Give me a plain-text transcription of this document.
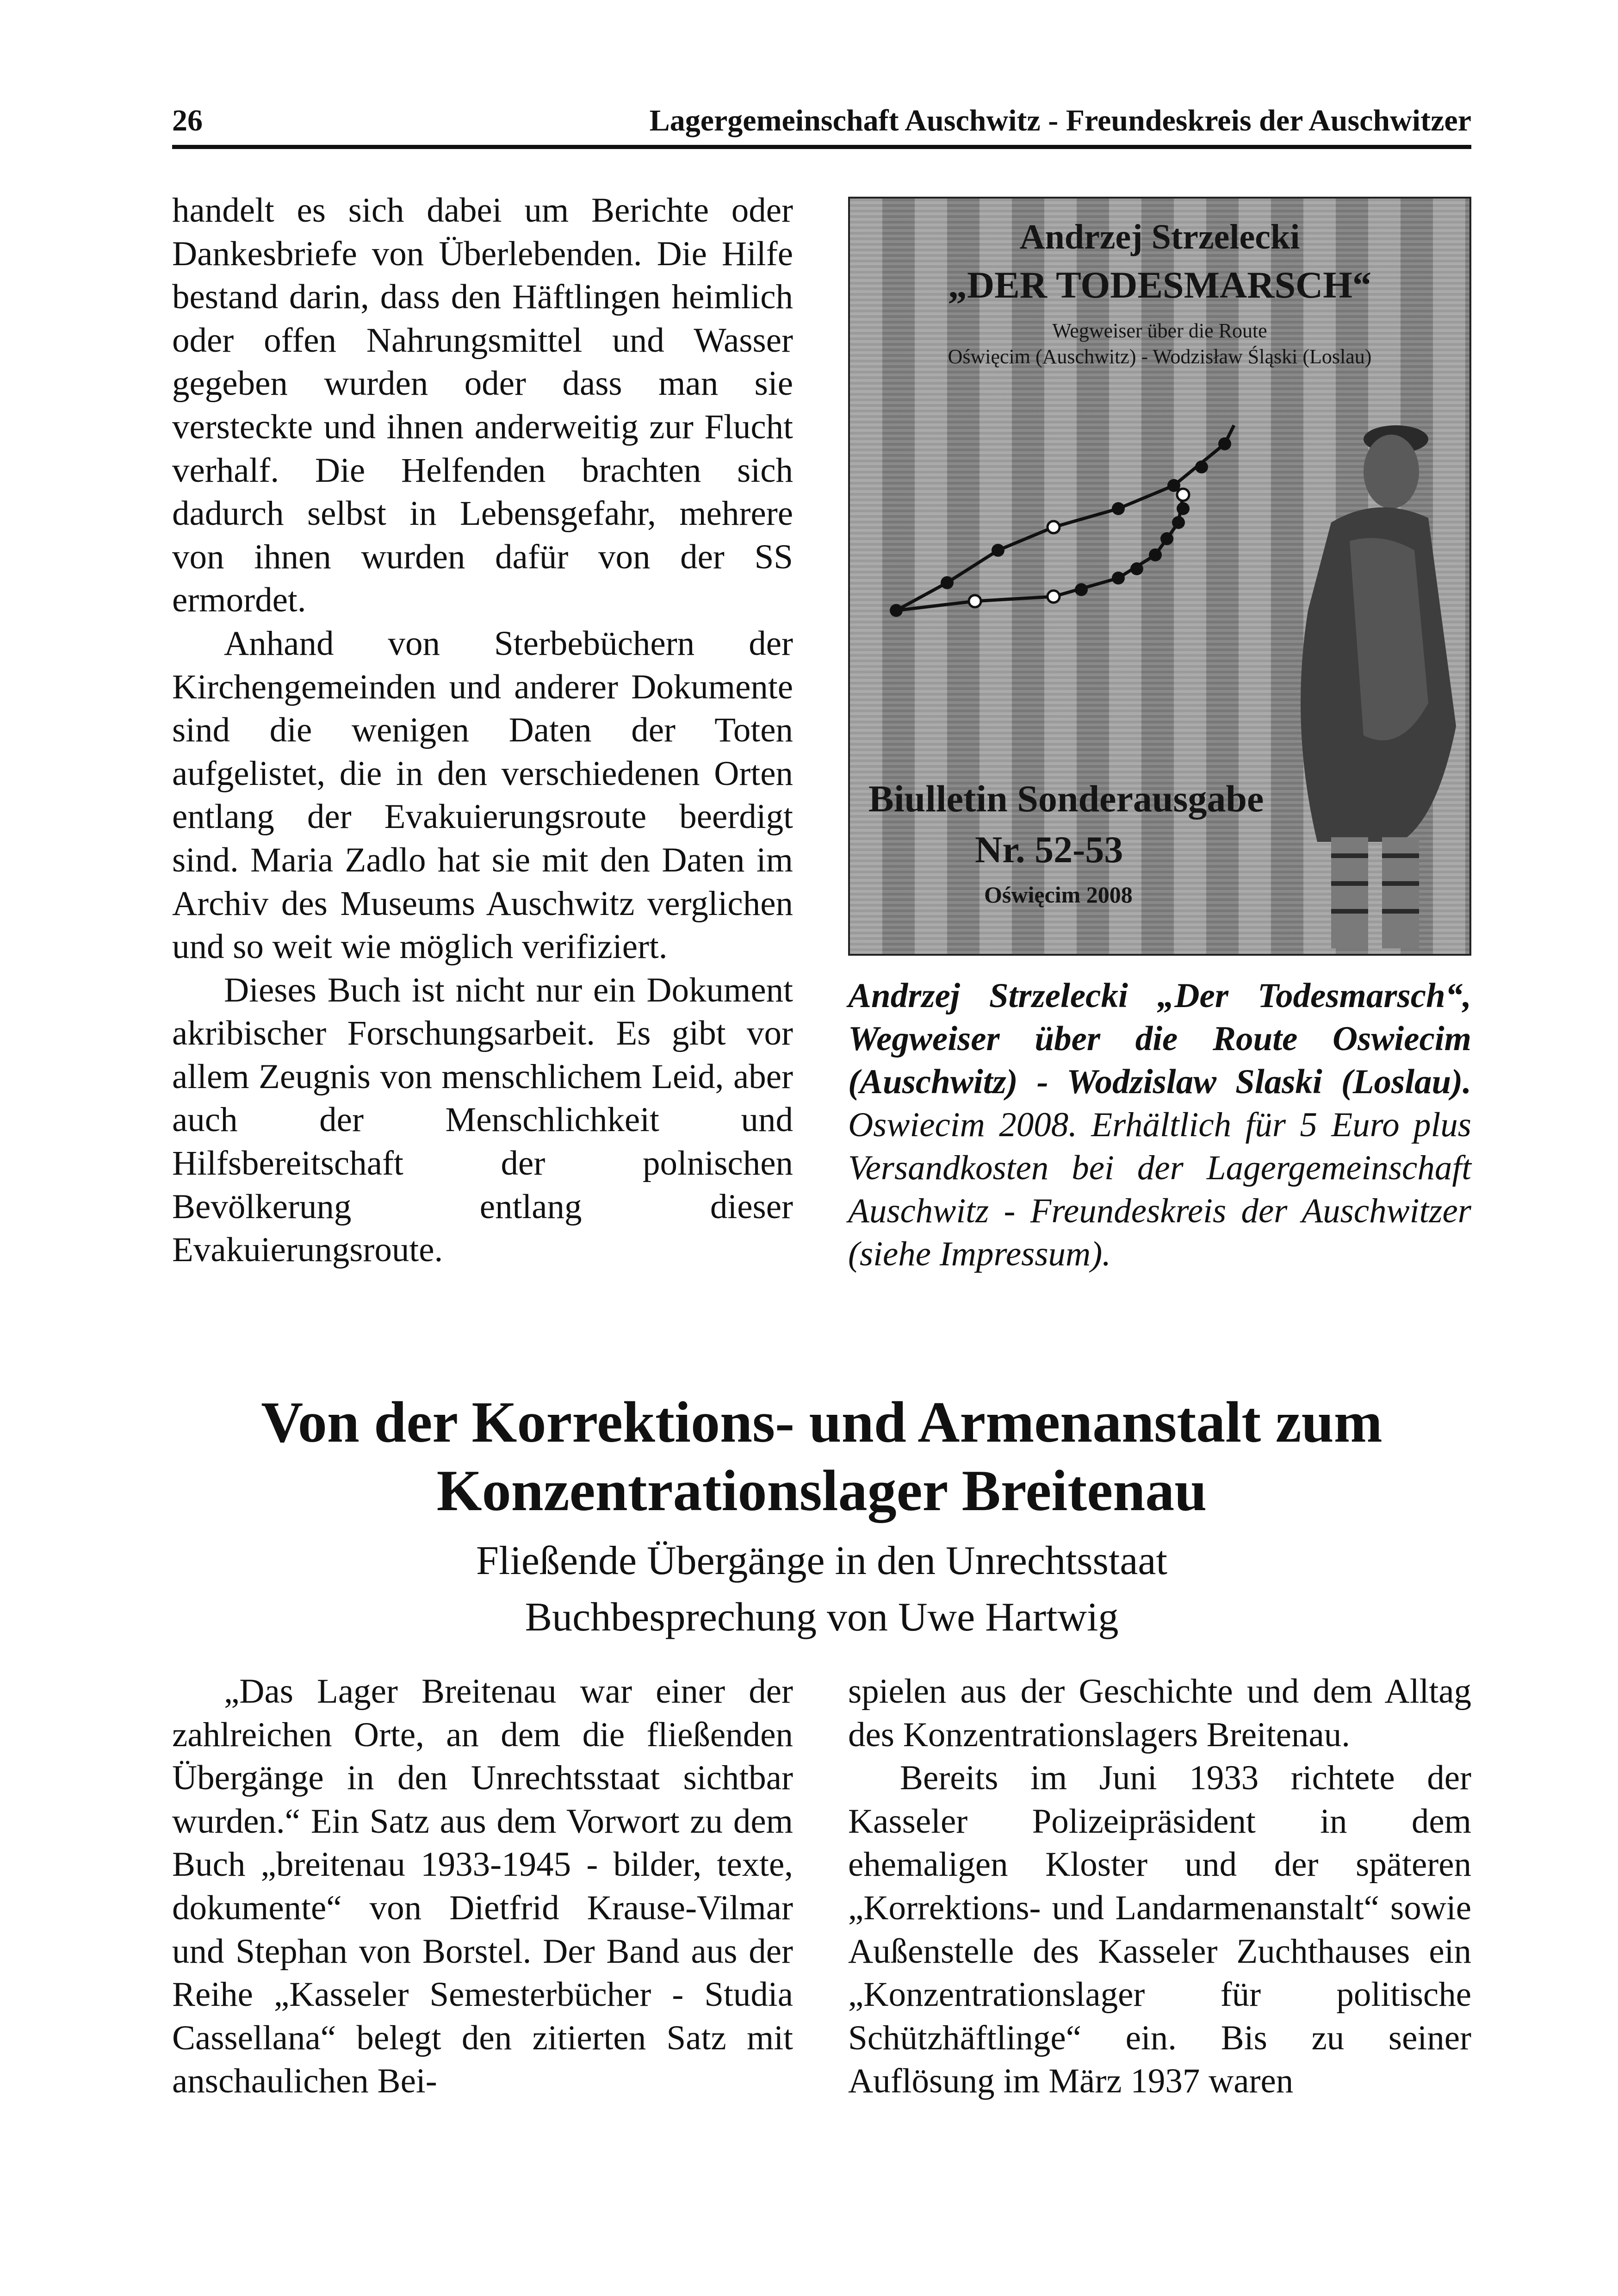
26	Lagergemeinschaft Auschwitz - Freundeskreis der Auschwitzer

handelt es sich dabei um Berichte oder Dankesbriefe von Überlebenden. Die Hilfe bestand darin, dass den Häftlingen heimlich oder offen Nahrungsmittel und Wasser gegeben wurden oder dass man sie versteckte und ihnen anderweitig zur Flucht verhalf. Die Helfenden brachten sich dadurch selbst in Lebensgefahr, mehrere von ihnen wurden dafür von der SS ermordet.

Anhand von Sterbebüchern der Kirchengemeinden und anderer Dokumente sind die wenigen Daten der Toten aufgelistet, die in den verschiedenen Orten entlang der Evakuierungsroute beerdigt sind. Maria Zadlo hat sie mit den Daten im Archiv des Museums Auschwitz verglichen und so weit wie möglich verifiziert.

Dieses Buch ist nicht nur ein Dokument akribischer Forschungsarbeit. Es gibt vor allem Zeugnis von menschlichem Leid, aber auch der Menschlichkeit und Hilfsbereitschaft der polnischen Bevölkerung entlang dieser Evakuierungsroute.

Andrzej Strzelecki
„DER TODESMARSCH“
Wegweiser über die Route
Oświęcim (Auschwitz) - Wodzisław Śląski (Loslau)
Biulletin Sonderausgabe
Nr. 52-53
Oświęcim 2008
Andrzej Strzelecki „Der Todesmarsch“, Wegweiser über die Route Oswiecim (Auschwitz) - Wodzislaw Slaski (Loslau). Oswiecim 2008. Erhältlich für 5 Euro plus Versandkosten bei der Lagergemeinschaft Auschwitz - Freundeskreis der Auschwitzer (siehe Impressum).
Von der Korrektions- und Armenanstalt zum
Konzentrationslager Breitenau
Fließende Übergänge in den Unrechtsstaat
Buchbesprechung von Uwe Hartwig

„Das Lager Breitenau war einer der zahlreichen Orte, an dem die fließenden Übergänge in den Unrechtsstaat sichtbar wurden.“ Ein Satz aus dem Vorwort zu dem Buch „breitenau 1933-1945 - bilder, texte, dokumente“ von Dietfrid Krause-Vilmar und Stephan von Borstel. Der Band aus der Reihe „Kasseler Semesterbücher - Studia Cassellana“ belegt den zitierten Satz mit anschaulichen Bei-

spielen aus der Geschichte und dem Alltag des Konzentrationslagers Breitenau.

Bereits im Juni 1933 richtete der Kasseler Polizeipräsident in dem ehemaligen Kloster und der späteren „Korrektions- und Landarmenanstalt“ sowie Außenstelle des Kasseler Zuchthauses ein „Konzentrationslager für politische Schützhäftlinge“ ein. Bis zu seiner Auflösung im März 1937 waren
